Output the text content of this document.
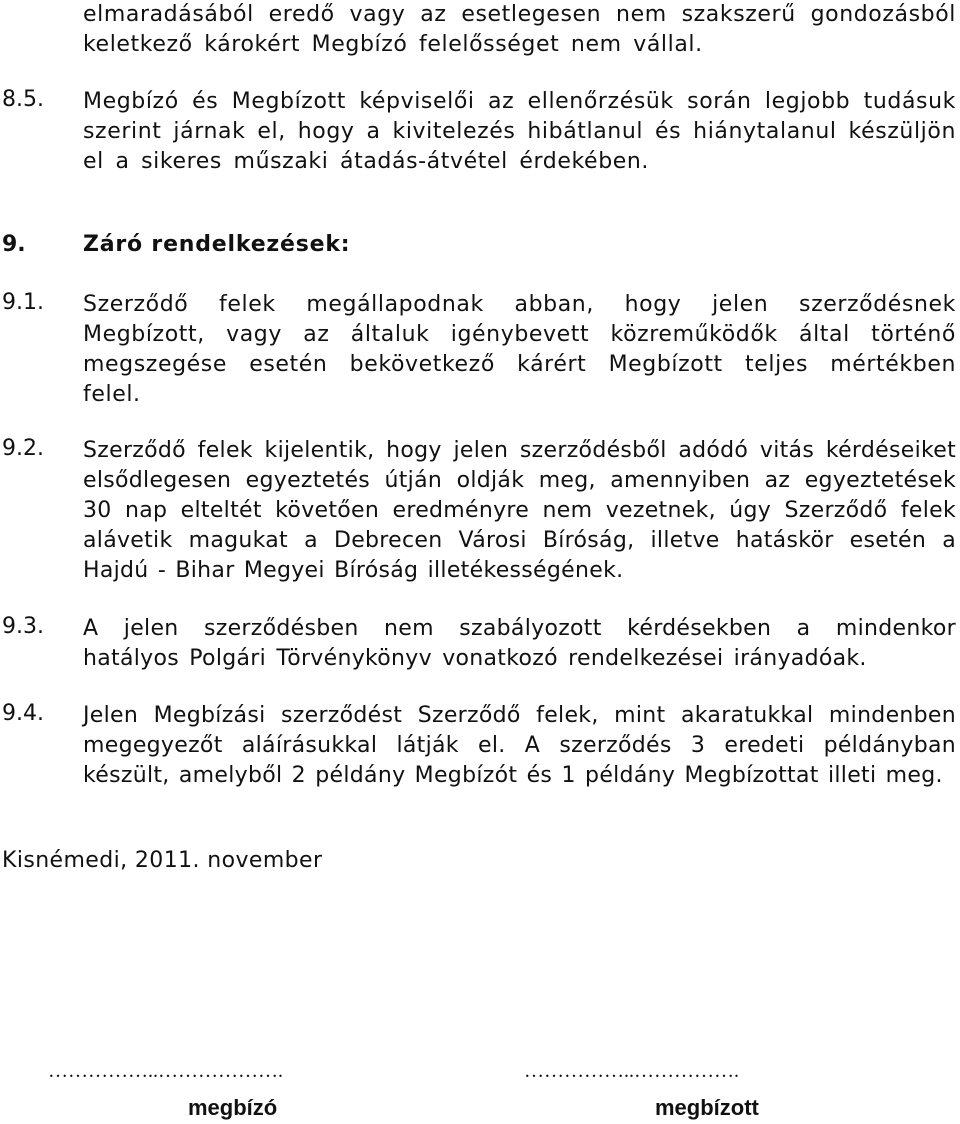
elmaradásából eredő vagy az esetlegesen nem szakszerű gondozásból keletkező károkért Megbízó felelősséget nem vállal.
8.5. Megbízó és Megbízott képviselői az ellenőrzésük során legjobb tudásuk szerint járnak el, hogy a kivitelezés hibátlanul és hiánytalanul készüljön el a sikeres műszaki átadás-átvétel érdekében.
9.	Záró rendelkezések:
9.1. Szerződő felek megállapodnak abban, hogy jelen szerződésnek Megbízott, vagy az általuk igénybevett közreműködők által történő megszegése esetén bekövetkező kárért Megbízott teljes mértékben felel.
9.2. Szerződő felek kijelentik, hogy jelen szerződésből adódó vitás kérdéseiket elsődlegesen egyeztetés útján oldják meg, amennyiben az egyeztetések 30 nap elteltét követően eredményre nem vezetnek, úgy Szerződő felek alávetik magukat a Debrecen Városi Bíróság, illetve hatáskör esetén a Hajdú - Bihar Megyei Bíróság illetékességének.
9.3. A jelen szerződésben nem szabályozott kérdésekben a mindenkor hatályos Polgári Törvénykönyv vonatkozó rendelkezései irányadóak.
9.4. Jelen Megbízási szerződést Szerződő felek, mint akaratukkal mindenben megegyezőt aláírásukkal látják el. A szerződés 3 eredeti példányban készült, amelyből 2 példány Megbízót és 1 példány Megbízottat illeti meg.
Kisnémedi, 2011. november
……………..……………….
megbízó
……………..…………….
megbízott
